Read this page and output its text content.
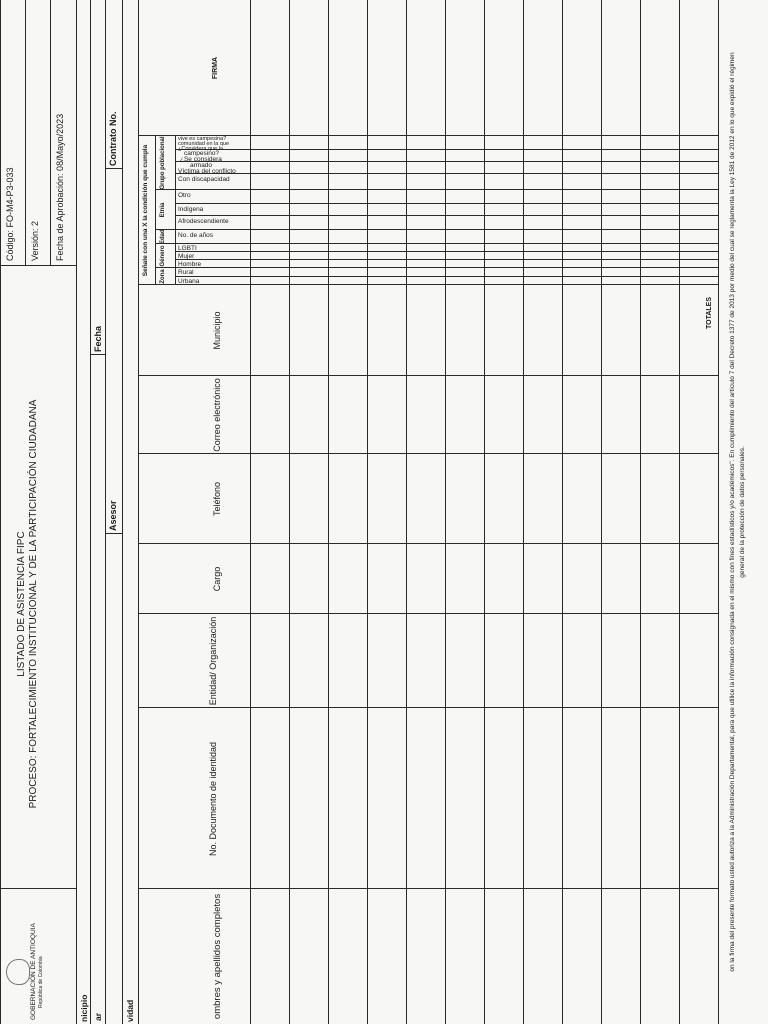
GOBERNACIÓN DE ANTIOQUIA República de Colombia
LISTADO DE ASISTENCIA FIPC PROCESO: FORTALECIMIENTO INSTITUCIONAL Y DE LA PARTICIPACIÓN CIUDADANA
Código: FO-M4-P3-033 Versión: 2 Fecha de Aprobación: 08/Mayo/2023
nicipio ar
Fecha
Asesor
Contrato No.
vidad	ombres y apellidos completos
No. Documento de identidad
Entidad/ Organización
Cargo
Teléfono
Correo electrónico
Municipio
FIRMA
Señale con una X la condición que cumpla
Zona
Género
Edad
Etnia
Grupo poblacional
Urbana
Rural
Hombre
Mujer
LGBTI
No. de años
Afrodescendiente
Indígena
Otro
Con discapacidad
Víctima del conflicto
armado
¿Se considera
campesino?
¿Considera que la
comunidad en la que
vive es campesina?
TOTALES on la firma del presente formato usted autoriza a la Administración Departamental, para que utilice la información consignada en el mismo con fines estadísticos y/o académicos". En cumplimiento del artículo 7 del Decreto 1377 de 2013 por medio del cual se reglamenta la Ley 1581 de 2012 en lo que expidió el régimen general de la protección de datos personales.
